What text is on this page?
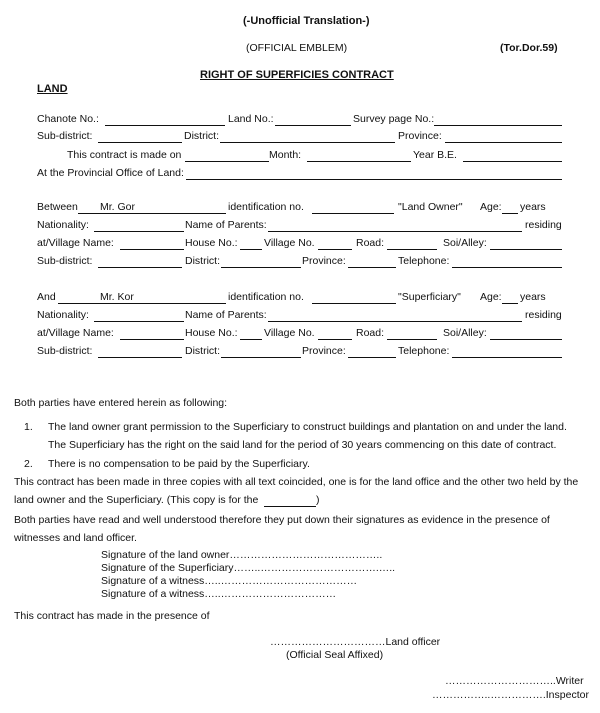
(-Unofficial Translation-)
(OFFICIAL EMBLEM)	(Tor.Dor.59)
RIGHT OF SUPERFICIES CONTRACT
LAND
Chanote No.:	Land No.:	Survey page No.:
Sub-district:	District:	Province:
This contract is made on	Month:	Year B.E.
At the Provincial Office of Land:
Between Mr. Gor	identification no.	"Land Owner" Age: years
Nationality:	Name of Parents:	residing
at/Village Name:	House No.:	Village No.	Road:	Soi/Alley:
Sub-district:	District:	Province:	Telephone:
And	Mr. Kor	identification no.	"Superficiary" Age: years
Nationality:	Name of Parents:	residing
at/Village Name:	House No.:	Village No.	Road:	Soi/Alley:
Sub-district:	District:	Province:	Telephone:
Both parties have entered herein as following:
1. The land owner grant permission to the Superficiary to construct buildings and plantation on and under the land.
The Superficiary has the right on the said land for the period of 30 years commencing on this date of contract.
2. There is no compensation to be paid by the Superficiary.
This contract has been made in three copies with all text coincided, one is for the land office and the other two held by the
land owner and the Superficiary. (This copy is for the	)
Both parties have read and well understood therefore they put down their signatures as evidence in the presence of
witnesses and land officer.
Signature of the land owner……………………………………..
Signature of the Superficiary……..…………………………….…..
Signature of a witness…..…………………………………
Signature of a witness…..……………………………
This contract has made in the presence of
……………………………Land officer
(Official Seal Affixed)
…………………………..Writer
……………..…………….Inspector
